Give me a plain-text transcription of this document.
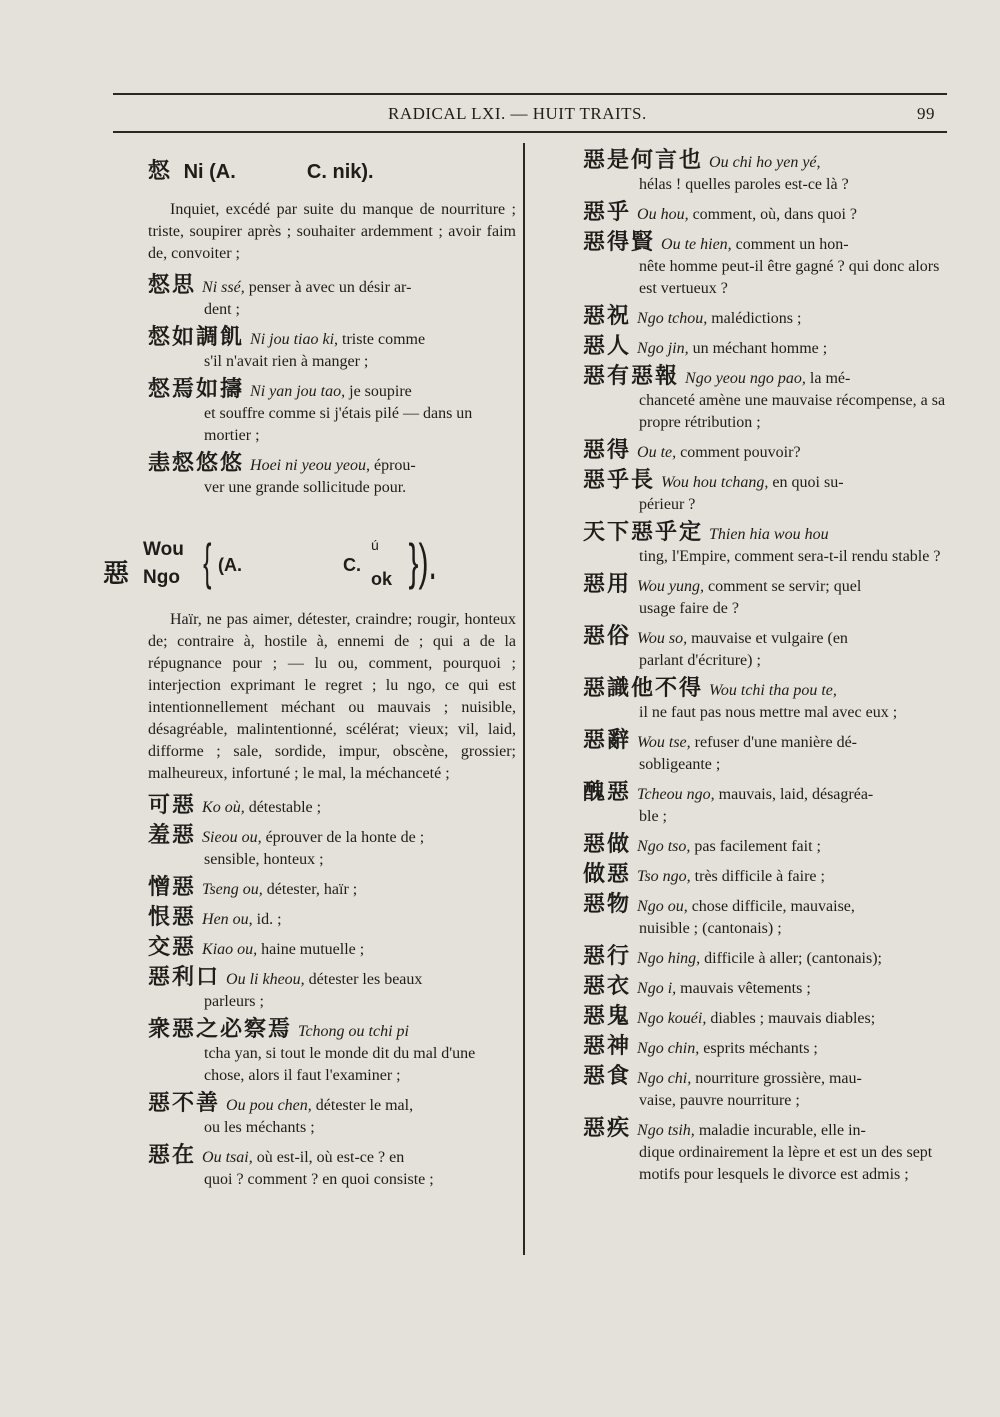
RADICAL LXI. — HUIT TRAITS.	99
惄 Ni (A.	C. nik).
Inquiet, excédé par suite du manque de nourriture ; triste, soupirer après ; souhaiter ardemment ; avoir faim de, convoiter ;
惄思 Ni ssé, penser à avec un désir ar-
dent ;
惄如調飢 Ni jou tiao ki, triste comme
s'il n'avait rien à manger ;
惄焉如擣 Ni yan jou tao, je soupire
et souffre comme si j'étais pilé — dans un mortier ;
恚惄悠悠 Hoei ni yeou yeou, éprou-
ver une grande sollicitude pour.
惡
Wou
Ngo { (A.	C.
ú
ok }).
Haïr, ne pas aimer, détester, craindre; rougir, honteux de; contraire à, hostile à, ennemi de ; qui a de la répugnance pour ; — lu ou, comment, pourquoi ; interjection exprimant le regret ; lu ngo, ce qui est intentionnellement méchant ou mauvais ; nuisible, désagréable, malintentionné, scélérat; vieux; vil, laid, difforme ; sale, sordide, impur, obscène, grossier; malheureux, infortuné ; le mal, la méchanceté ;
可惡 Ko où, détestable ;
羞惡 Sieou ou, éprouver de la honte de ;
sensible, honteux ;
憎惡 Tseng ou, détester, haïr ;
恨惡 Hen ou, id. ;
交惡 Kiao ou, haine mutuelle ;
惡利口 Ou li kheou, détester les beaux
parleurs ;
衆惡之必察焉 Tchong ou tchi pi
tcha yan, si tout le monde dit du mal d'une chose, alors il faut l'examiner ;
惡不善 Ou pou chen, détester le mal,
ou les méchants ;
惡在 Ou tsai, où est-il, où est-ce ? en
quoi ? comment ? en quoi consiste ;
惡是何言也 Ou chi ho yen yé,
hélas ! quelles paroles est-ce là ?
惡乎 Ou hou, comment, où, dans quoi ?
惡得賢 Ou te hien, comment un hon-
nête homme peut-il être gagné ? qui donc alors est vertueux ?
惡祝 Ngo tchou, malédictions ;
惡人 Ngo jin, un méchant homme ;
惡有惡報 Ngo yeou ngo pao, la mé-
chanceté amène une mauvaise récompense, a sa propre rétribution ;
惡得 Ou te, comment pouvoir?
惡乎長 Wou hou tchang, en quoi su-
périeur ?
天下惡乎定 Thien hia wou hou
ting, l'Empire, comment sera-t-il rendu stable ?
惡用 Wou yung, comment se servir; quel
usage faire de ?
惡俗 Wou so, mauvaise et vulgaire (en
parlant d'écriture) ;
惡識他不得 Wou tchi tha pou te,
il ne faut pas nous mettre mal avec eux ;
惡辭 Wou tse, refuser d'une manière dé-
sobligeante ;
醜惡 Tcheou ngo, mauvais, laid, désagréa-
ble ;
惡做 Ngo tso, pas facilement fait ;
做惡 Tso ngo, très difficile à faire ;
惡物 Ngo ou, chose difficile, mauvaise,
nuisible ; (cantonais) ;
惡行 Ngo hing, difficile à aller; (cantonais);
惡衣 Ngo i, mauvais vêtements ;
惡鬼 Ngo kouéi, diables ; mauvais diables;
惡神 Ngo chin, esprits méchants ;
惡食 Ngo chi, nourriture grossière, mau-
vaise, pauvre nourriture ;
惡疾 Ngo tsih, maladie incurable, elle in-
dique ordinairement la lèpre et est un des sept motifs pour lesquels le divorce est admis ;
